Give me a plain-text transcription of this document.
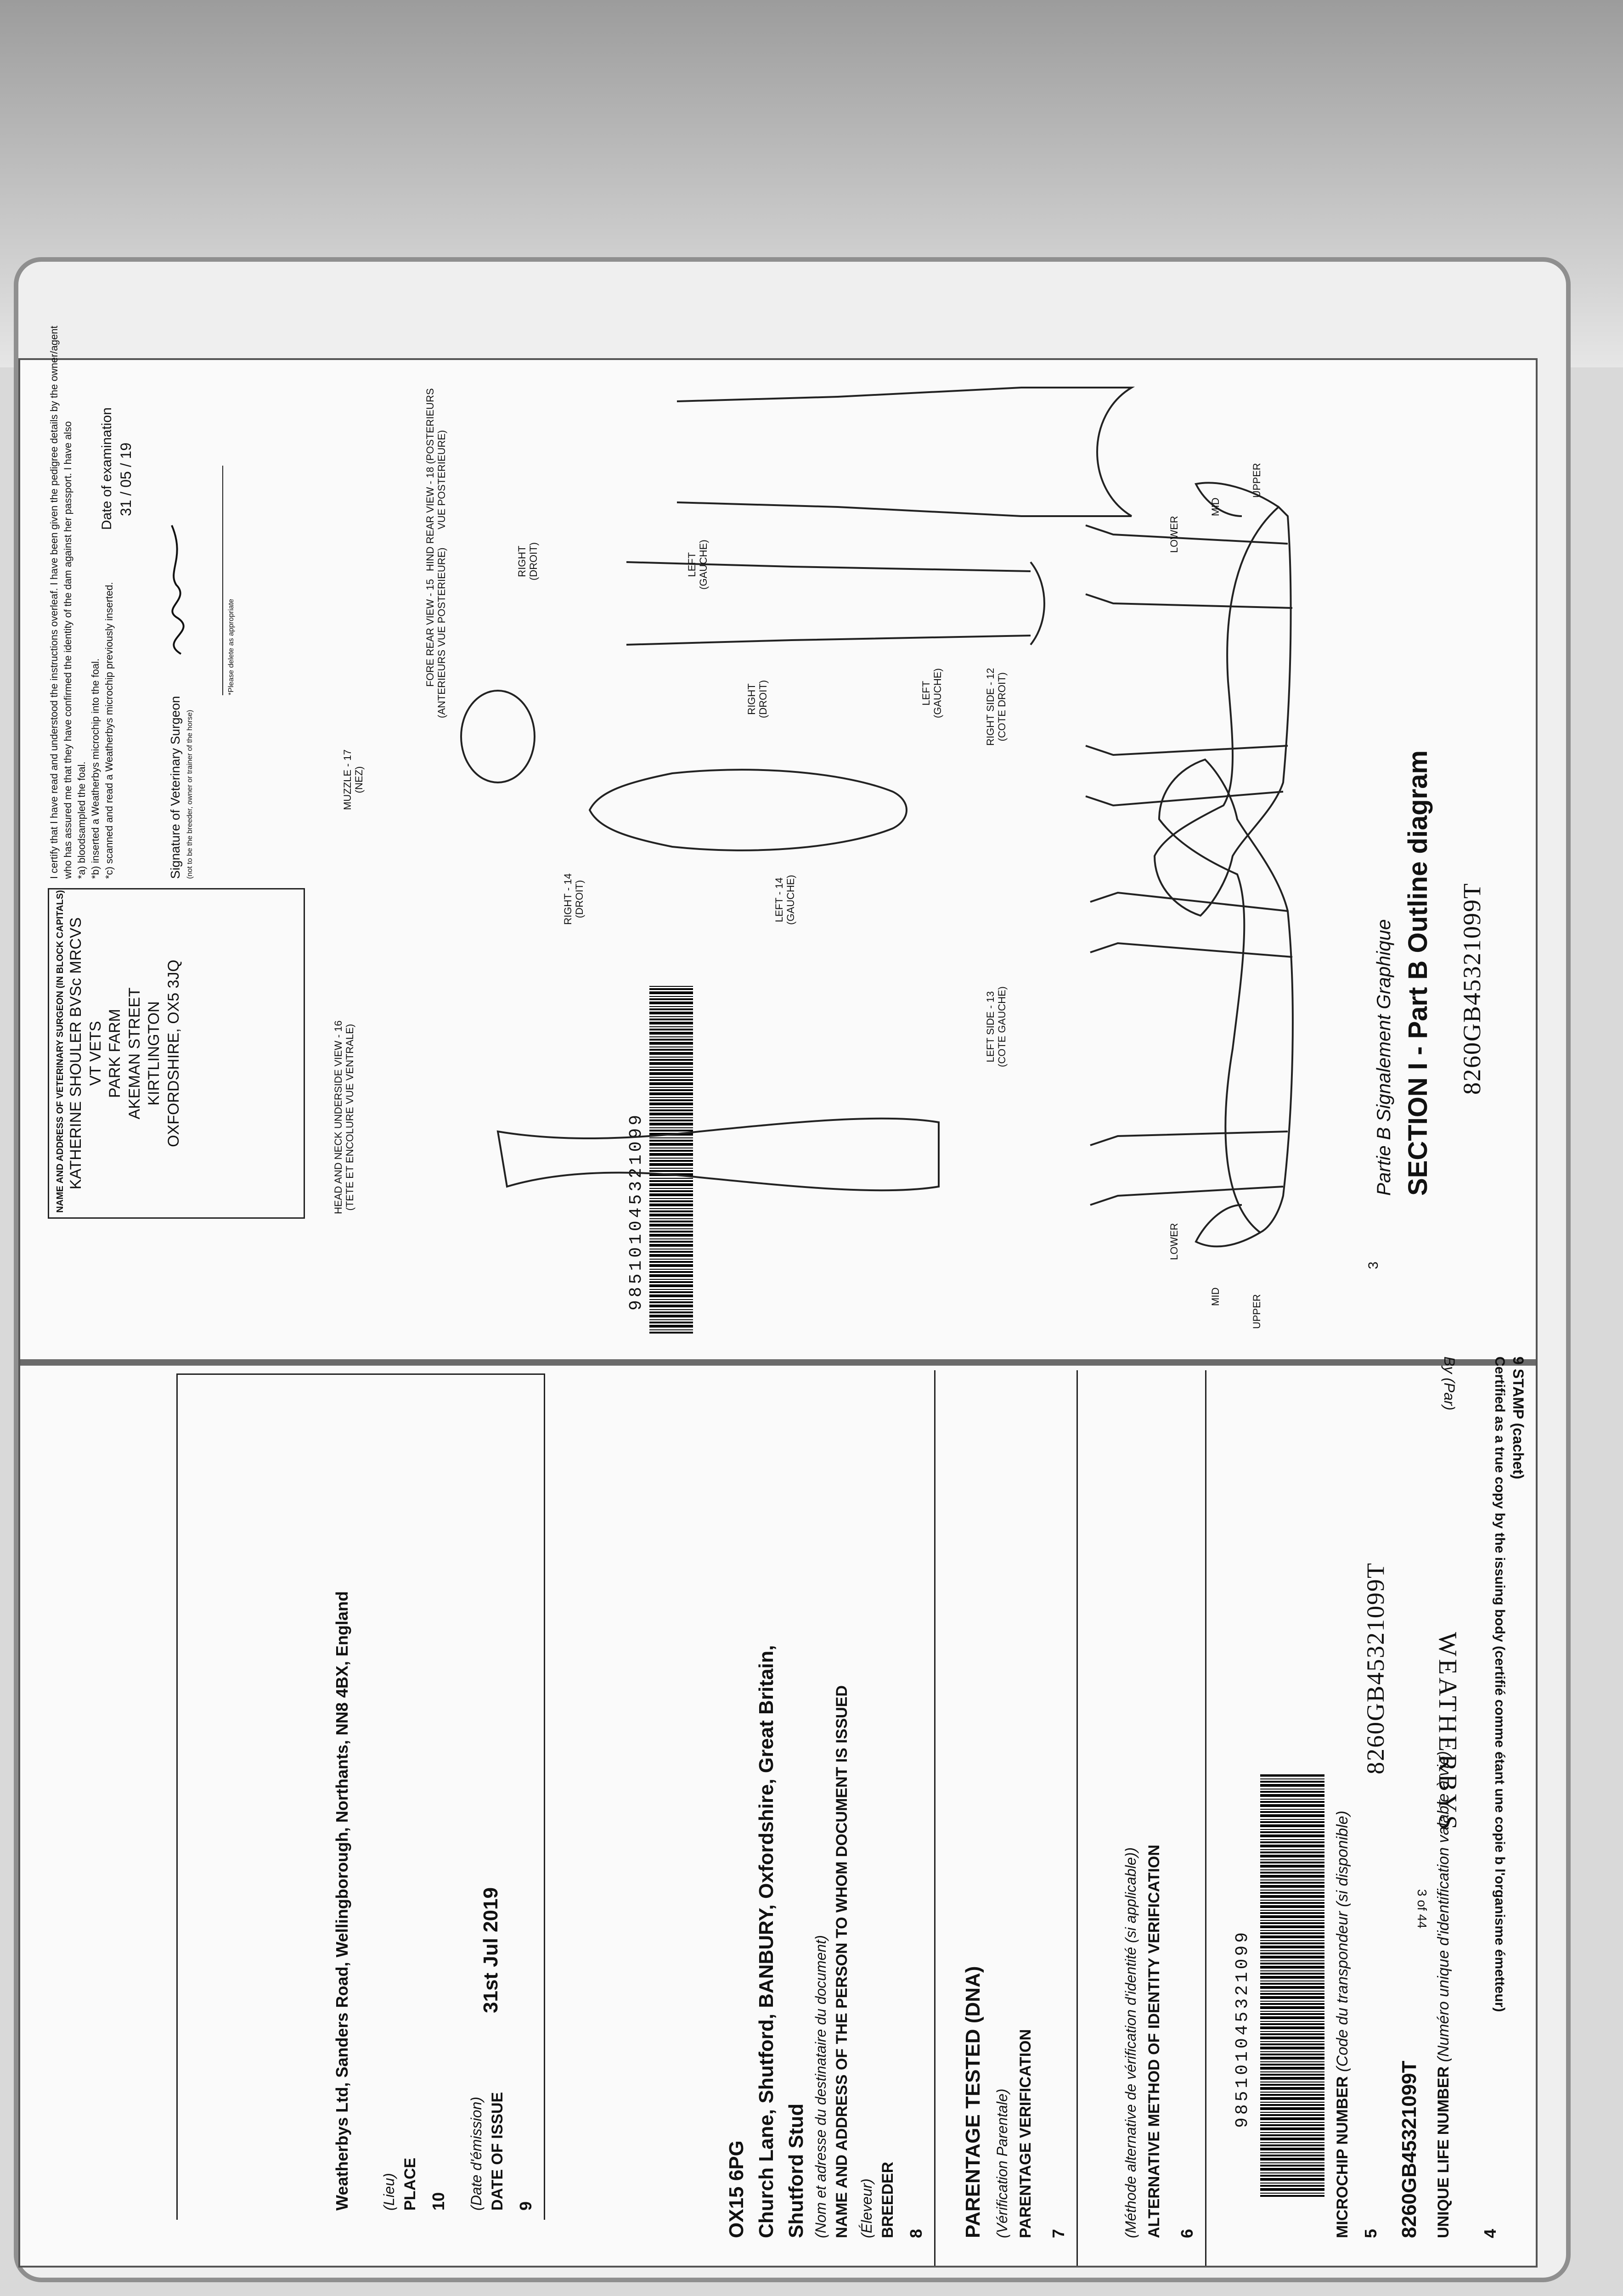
8260GB45321099T
4
UNIQUE LIFE NUMBER (Numéro unique d'identification valable à vie)
8260GB45321099T
5
MICROCHIP NUMBER (Code du transpondeur (si disponible)
985101045321099
6
ALTERNATIVE METHOD OF IDENTITY VERIFICATION
(Méthode alternative de vérification d'identité (si applicable))
7
PARENTAGE VERIFICATION
(Vérification Parentale)
PARENTAGE TESTED (DNA)
8
BREEDER
(Éleveur)
NAME AND ADDRESS OF THE PERSON TO WHOM DOCUMENT IS ISSUED
(Nom et adresse du destinataire du document)
Shutford Stud
Church Lane, Shutford, BANBURY, Oxfordshire, Great Britain,
OX15 6PG
9
DATE OF ISSUE
(Date d'émission)
31st Jul 2019
10
PLACE
(Lieu)
Weatherbys Ltd, Sanders Road, Wellingborough, Northants, NN8 4BX, England
8260GB45321099T
SECTION I - Part B Outline diagram
Partie B Signalement Graphique
985101045321099
RIGHT SIDE - 12 (COTE DROIT)
LEFT SIDE - 13 (COTE GAUCHE)
UPPER
MID
LOWER
UPPER
MID
LOWER
3
LEFT - 14 (GAUCHE)
RIGHT - 14 (DROIT)
LEFT (GAUCHE)
RIGHT (DROIT)
LEFT (GAUCHE)
RIGHT (DROIT)
FORE REAR VIEW - 15 (ANTERIEURS VUE POSTERIEURE)
HIND REAR VIEW - 18 (POSTERIEURS VUE POSTERIEURE)
MUZZLE - 17 (NEZ)
HEAD AND NECK UNDERSIDE VIEW - 16 (TETE ET ENCOLURE VUE VENTRALE)
NAME AND ADDRESS OF VETERINARY SURGEON (IN BLOCK CAPITALS) KATHERINE SHOULER BVSc MRCVS VT VETS PARK FARM AKEMAN STREET KIRTLINGTON OXFORDSHIRE, OX5 3JQ
I certify that I have read and understood the instructions overleaf. I have been given the pedigree details by the owner/agent who has assured me that they have confirmed the identity of the dam against her passport. I have also *a) bloodsampled the foal. *b) inserted a Weatherbys microchip into the foal. *c) scanned and read a Weatherbys microchip previously inserted.
Date of examination 31 / 05 / 19
Signature of Veterinary Surgeon (not to be the breeder, owner or trainer of the horse)
*Please delete as appropriate
9 STAMP (cachet)
Certified as a true copy by the issuing body (certifié comme étant une copie b l'organisme émetteur)
By (Par)
WEATHERBYS
3 of 44
